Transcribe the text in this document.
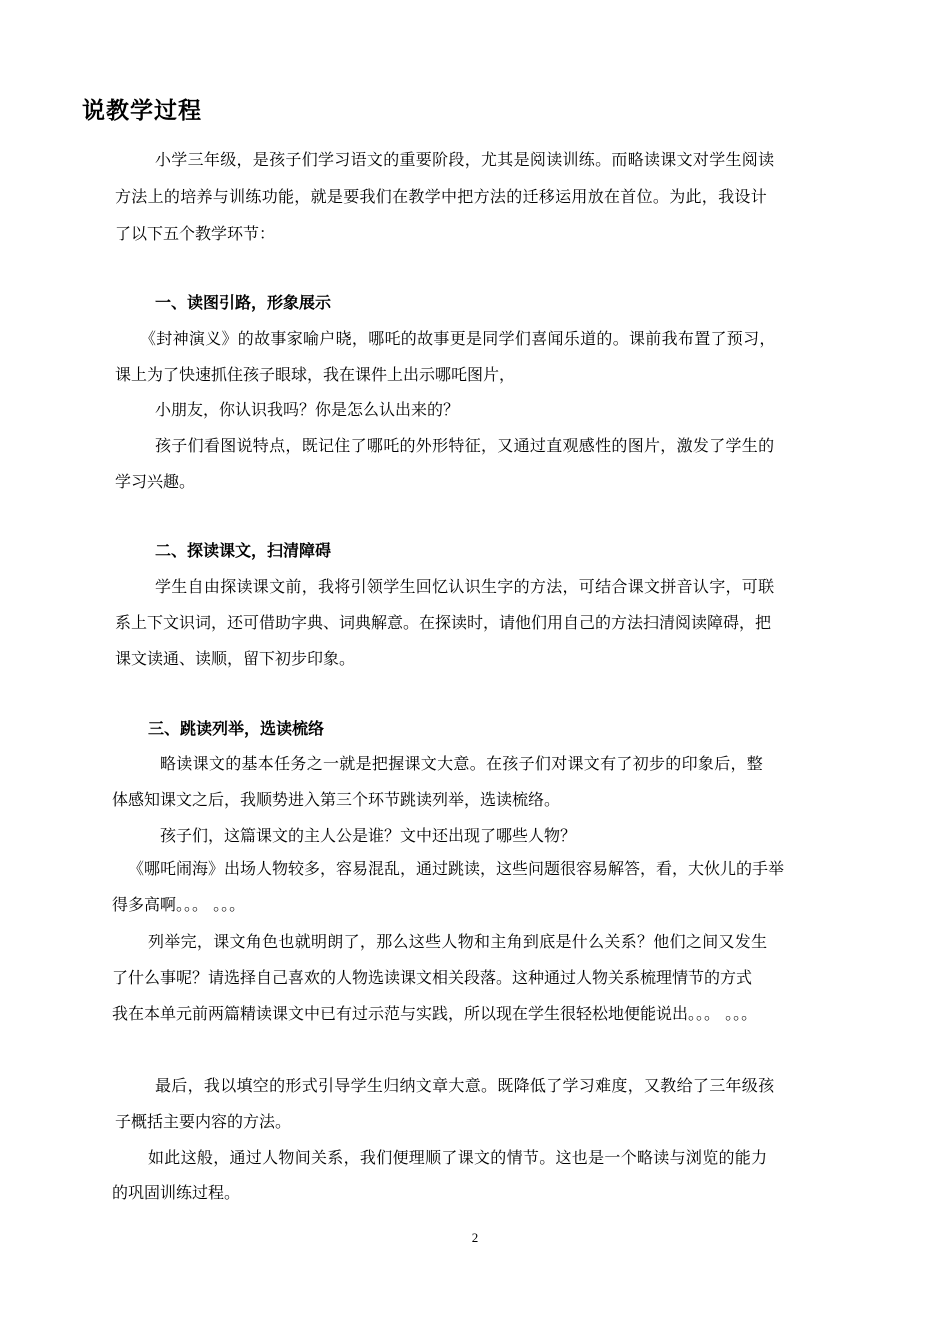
说教学过程
小学三年级，是孩子们学习语文的重要阶段，尤其是阅读训练。而略读课文对学生阅读
方法上的培养与训练功能，就是要我们在教学中把方法的迁移运用放在首位。为此，我设计
了以下五个教学环节：
一、读图引路，形象展示
《封神演义》的故事家喻户晓，哪吒的故事更是同学们喜闻乐道的。课前我布置了预习，
课上为了快速抓住孩子眼球，我在课件上出示哪吒图片，
小朋友，你认识我吗？你是怎么认出来的？
孩子们看图说特点，既记住了哪吒的外形特征，又通过直观感性的图片，激发了学生的
学习兴趣。
二、探读课文，扫清障碍
学生自由探读课文前，我将引领学生回忆认识生字的方法，可结合课文拼音认字，可联
系上下文识词，还可借助字典、词典解意。在探读时，请他们用自己的方法扫清阅读障碍，把
课文读通、读顺，留下初步印象。
三、跳读列举，选读梳络
略读课文的基本任务之一就是把握课文大意。在孩子们对课文有了初步的印象后，整
体感知课文之后，我顺势进入第三个环节跳读列举，选读梳络。
孩子们，这篇课文的主人公是谁？文中还出现了哪些人物？
《哪吒闹海》出场人物较多，容易混乱，通过跳读，这些问题很容易解答，看，大伙儿的手举
得多高啊。。。 。。。
列举完，课文角色也就明朗了，那么这些人物和主角到底是什么关系？他们之间又发生
了什么事呢？请选择自己喜欢的人物选读课文相关段落。这种通过人物关系梳理情节的方式
我在本单元前两篇精读课文中已有过示范与实践，所以现在学生很轻松地便能说出。。。 。。。
最后，我以填空的形式引导学生归纳文章大意。既降低了学习难度，又教给了三年级孩
子概括主要内容的方法。
如此这般，通过人物间关系，我们便理顺了课文的情节。这也是一个略读与浏览的能力
的巩固训练过程。
2
